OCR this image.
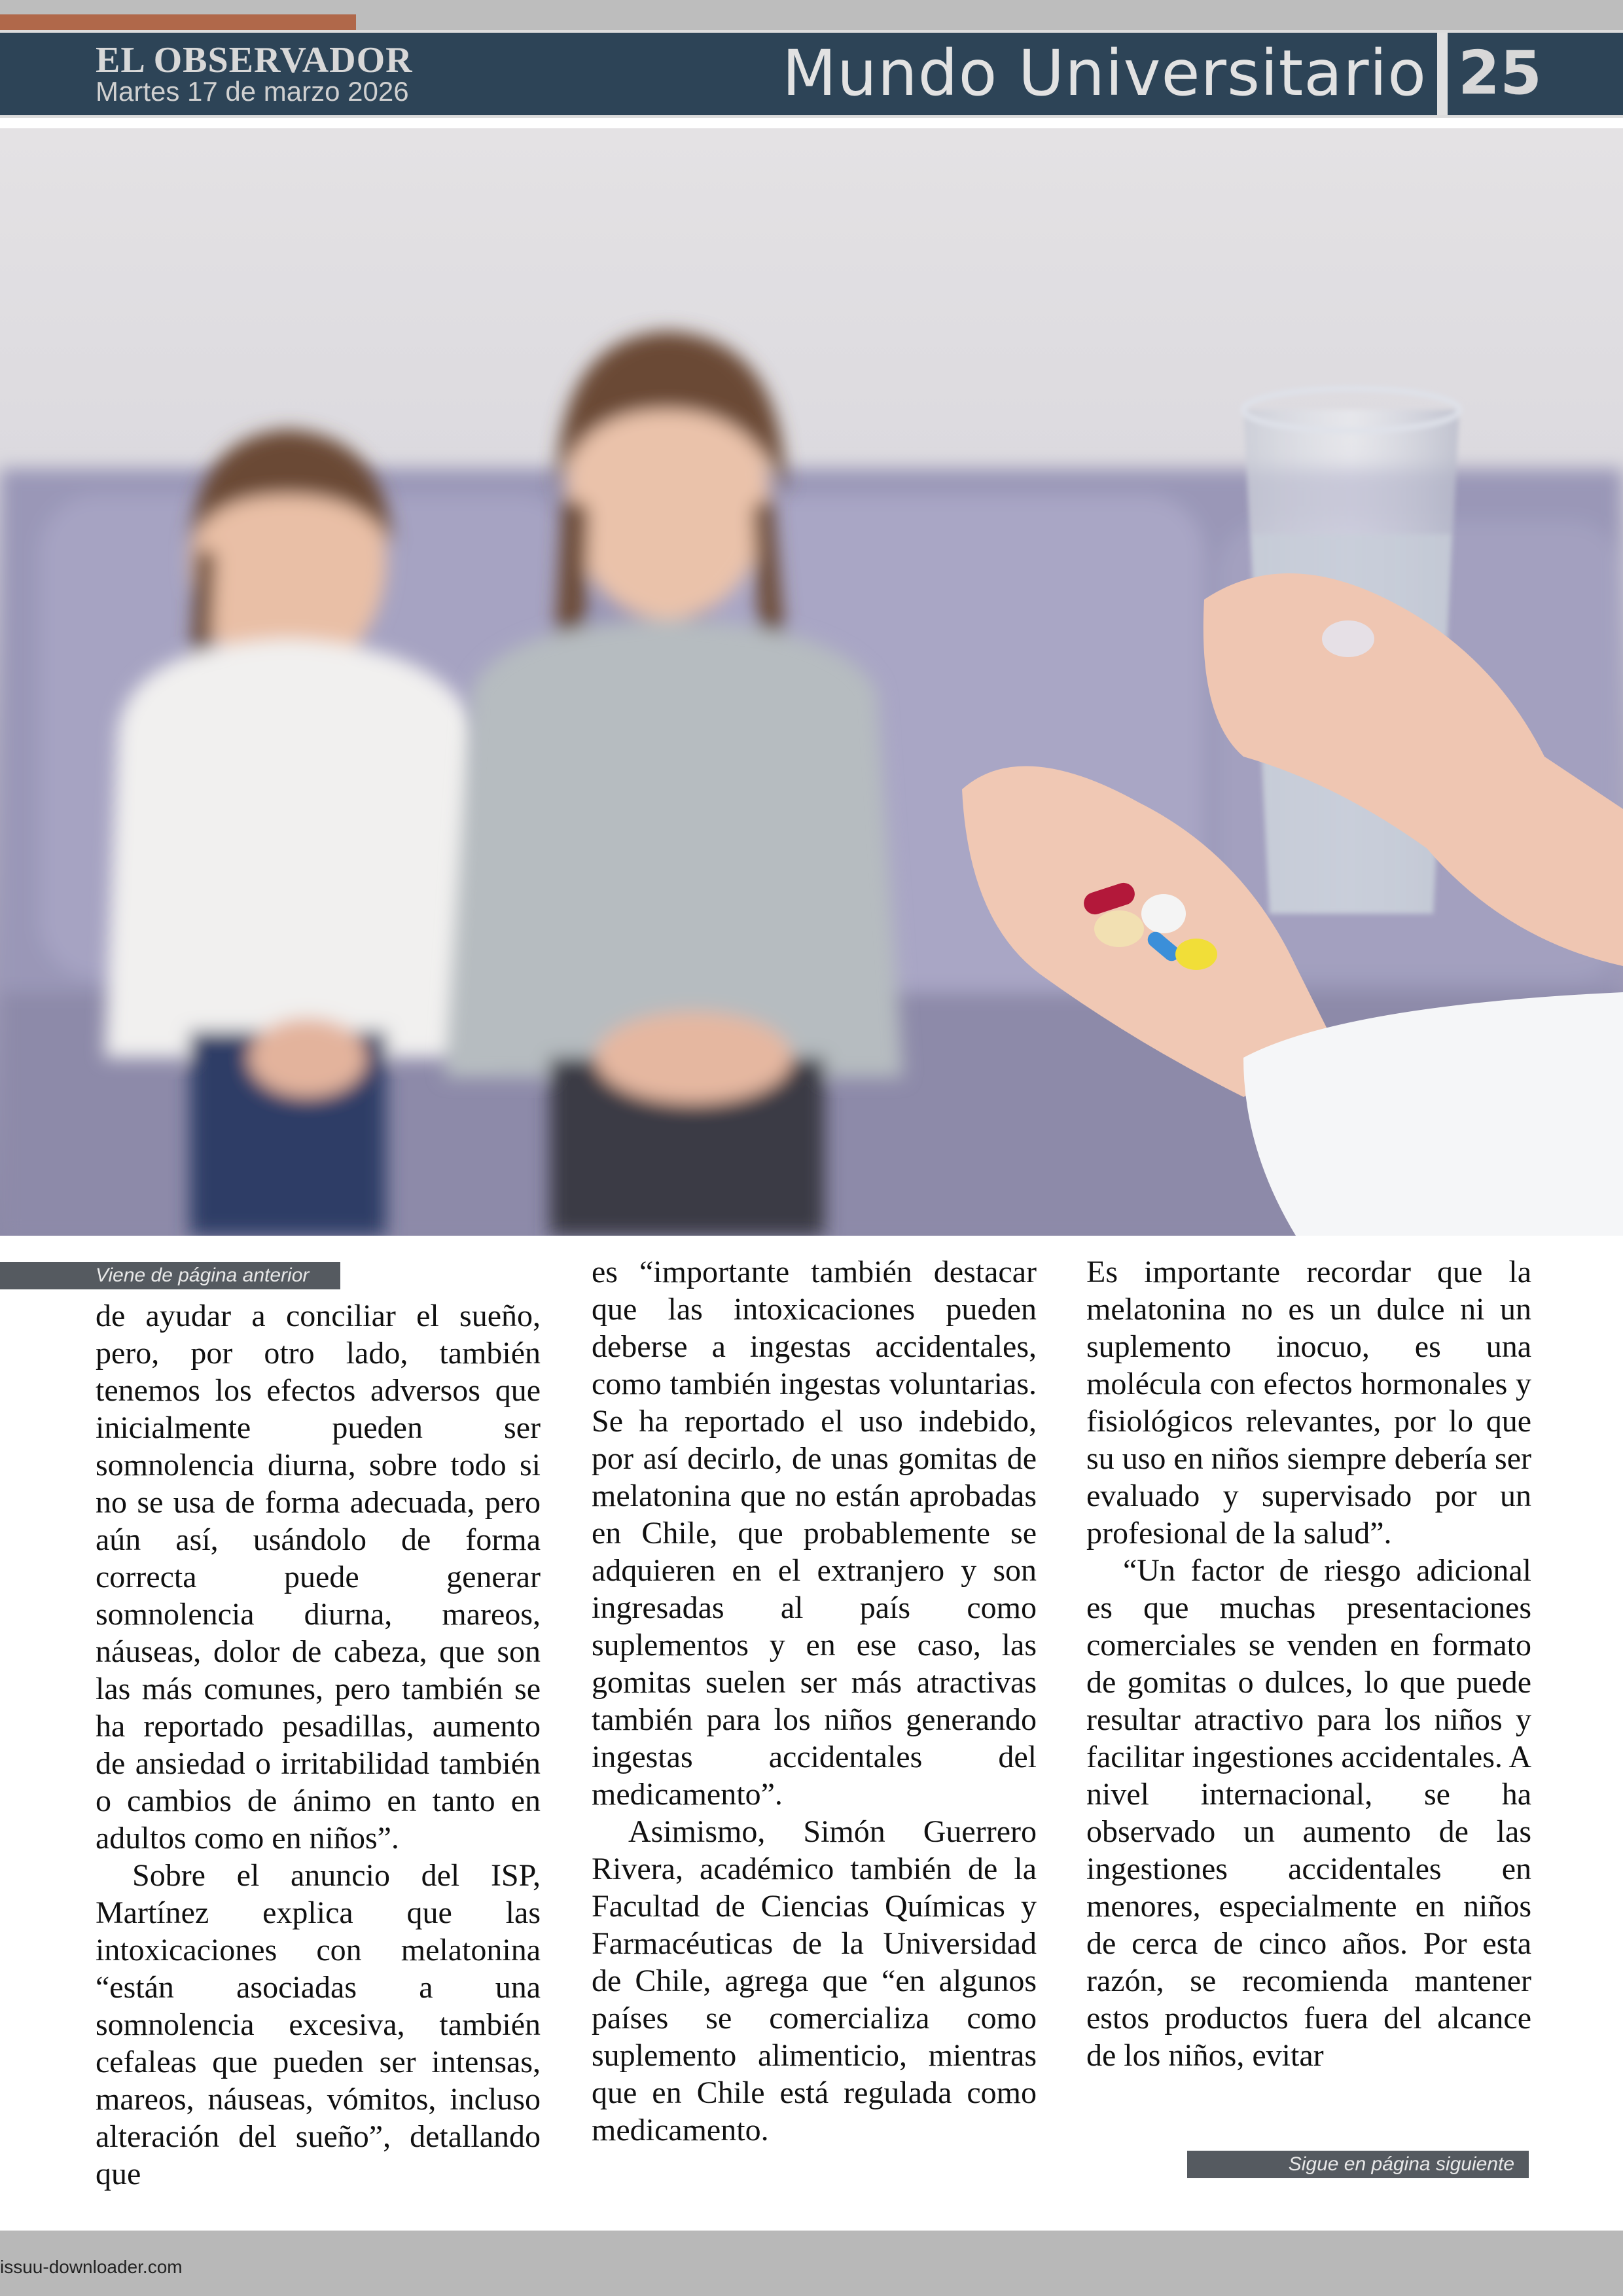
EL OBSERVADOR
Martes 17 de marzo 2026	Mundo Universitario 25
Viene de página anterior

de ayudar a conciliar el sueño, pero, por otro lado, también tenemos los efectos adversos que inicialmente pueden ser somnolencia diurna, sobre todo si no se usa de forma adecuada, pero aún así, usándolo de forma correcta puede generar somnolencia diurna, mareos, náuseas, dolor de cabeza, que son las más comunes, pero también se ha reportado pesadillas, aumento de ansiedad o irritabilidad también o cambios de ánimo en tanto en adultos como en niños”.

Sobre el anuncio del ISP, Martínez explica que las intoxicaciones con melatonina “están asociadas a una somnolencia excesiva, también cefaleas que pueden ser intensas, mareos, náuseas, vómitos, incluso alteración del sueño”, detallando que

es “importante también destacar que las intoxicaciones pueden deberse a ingestas accidentales, como también ingestas voluntarias. Se ha reportado el uso indebido, por así decirlo, de unas gomitas de melatonina que no están aprobadas en Chile, que probablemente se adquieren en el extranjero y son ingresadas al país como suplementos y en ese caso, las gomitas suelen ser más atractivas también para los niños generando ingestas accidentales del medicamento”.

Asimismo, Simón Guerrero Rivera, académico también de la Facultad de Ciencias Químicas y Farmacéuticas de la Universidad de Chile, agrega que “en algunos países se comercializa como suplemento alimenticio, mientras que en Chile está regulada como medicamento.

Es importante recordar que la melatonina no es un dulce ni un suplemento inocuo, es una molécula con efectos hormonales y fisiológicos relevantes, por lo que su uso en niños siempre debería ser evaluado y supervisado por un profesional de la salud”.

“Un factor de riesgo adicional es que muchas presentaciones comerciales se venden en formato de gomitas o dulces, lo que puede resultar atractivo para los niños y facilitar ingestiones accidentales. A nivel internacional, se ha observado un aumento de las ingestiones accidentales en menores, especialmente en niños de cerca de cinco años. Por esta razón, se recomienda mantener estos productos fuera del alcance de los niños, evitar

Sigue en página siguiente
issuu-downloader.com
